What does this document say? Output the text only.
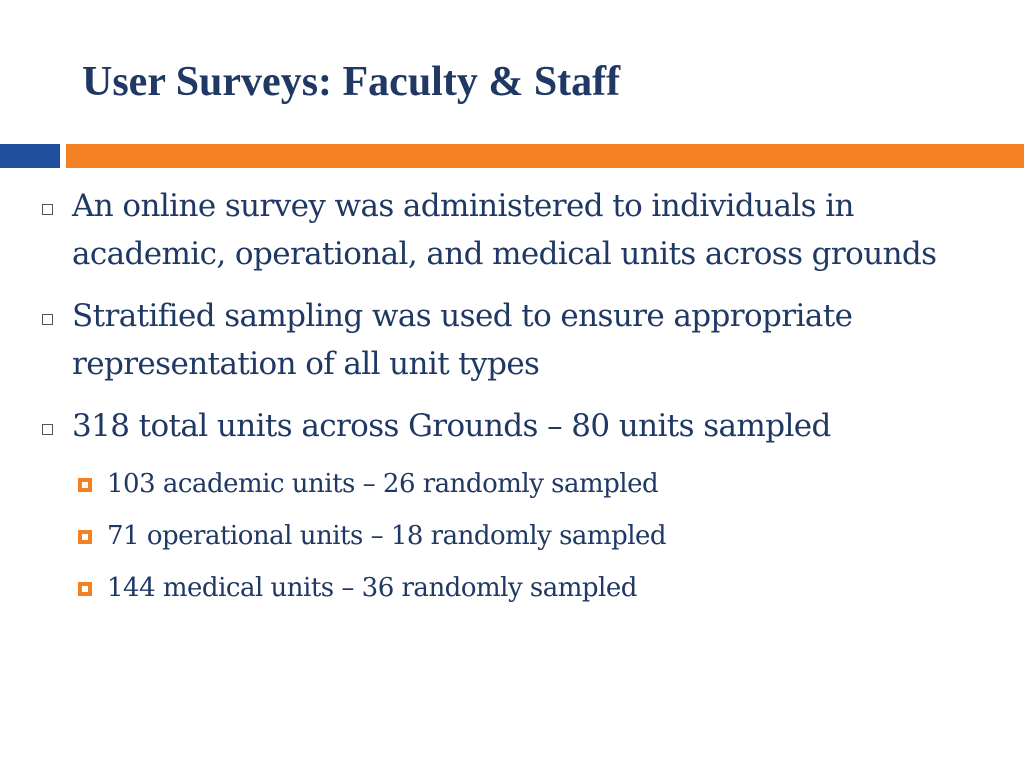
User Surveys: Faculty & Staff
An online survey was administered to individuals in academic, operational, and medical units across grounds
Stratified sampling was used to ensure appropriate representation of all unit types
318 total units across Grounds – 80 units sampled
103 academic units – 26 randomly sampled
71 operational units – 18 randomly sampled
144 medical units – 36 randomly sampled
